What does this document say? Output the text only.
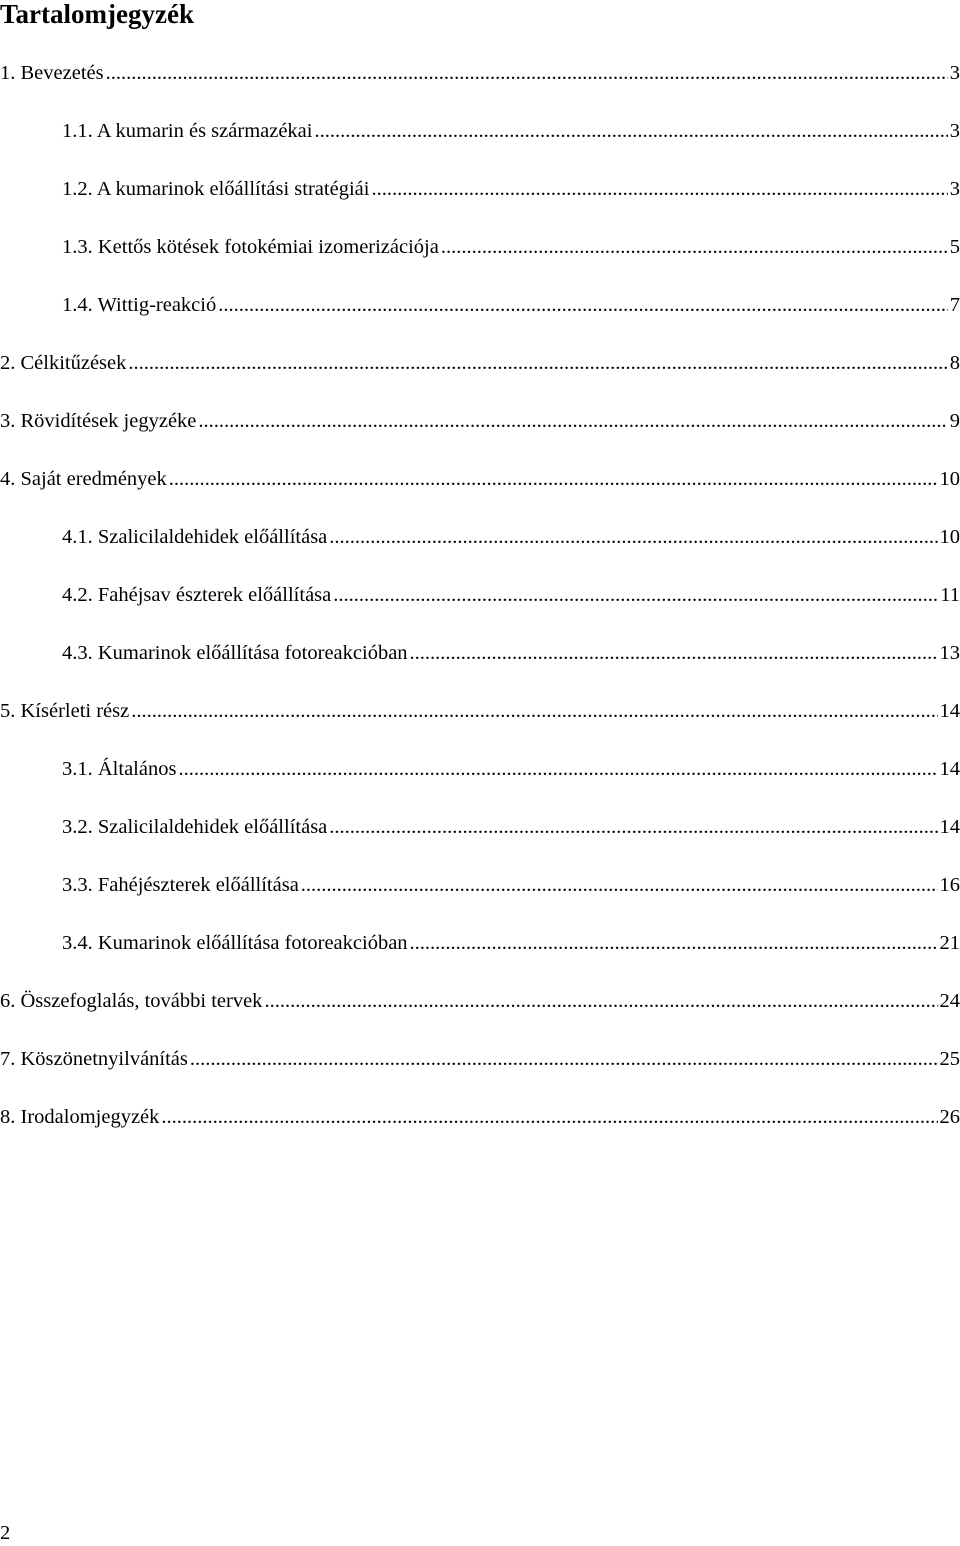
Tartalomjegyzék
1. Bevezetés .....	3
1.1. A kumarin és származékai .....	3
1.2. A kumarinok előállítási stratégiái .....	3
1.3. Kettős kötések fotokémiai izomerizációja .....	5
1.4. Wittig-reakció .....	7
2. Célkitűzések .....	8
3. Rövidítések jegyzéke .....	9
4. Saját eredmények .....	10
4.1. Szalicilaldehidek előállítása .....	10
4.2. Fahéjsav észterek előállítása .....	11
4.3. Kumarinok előállítása fotoreakcióban .....	13
5. Kísérleti rész .....	14
3.1. Általános .....	14
3.2. Szalicilaldehidek előállítása .....	14
3.3. Fahéjészterek előállítása .....	16
3.4. Kumarinok előállítása fotoreakcióban .....	21
6. Összefoglalás, további tervek .....	24
7. Köszönetnyilvánítás .....	25
8. Irodalomjegyzék .....	26
2
